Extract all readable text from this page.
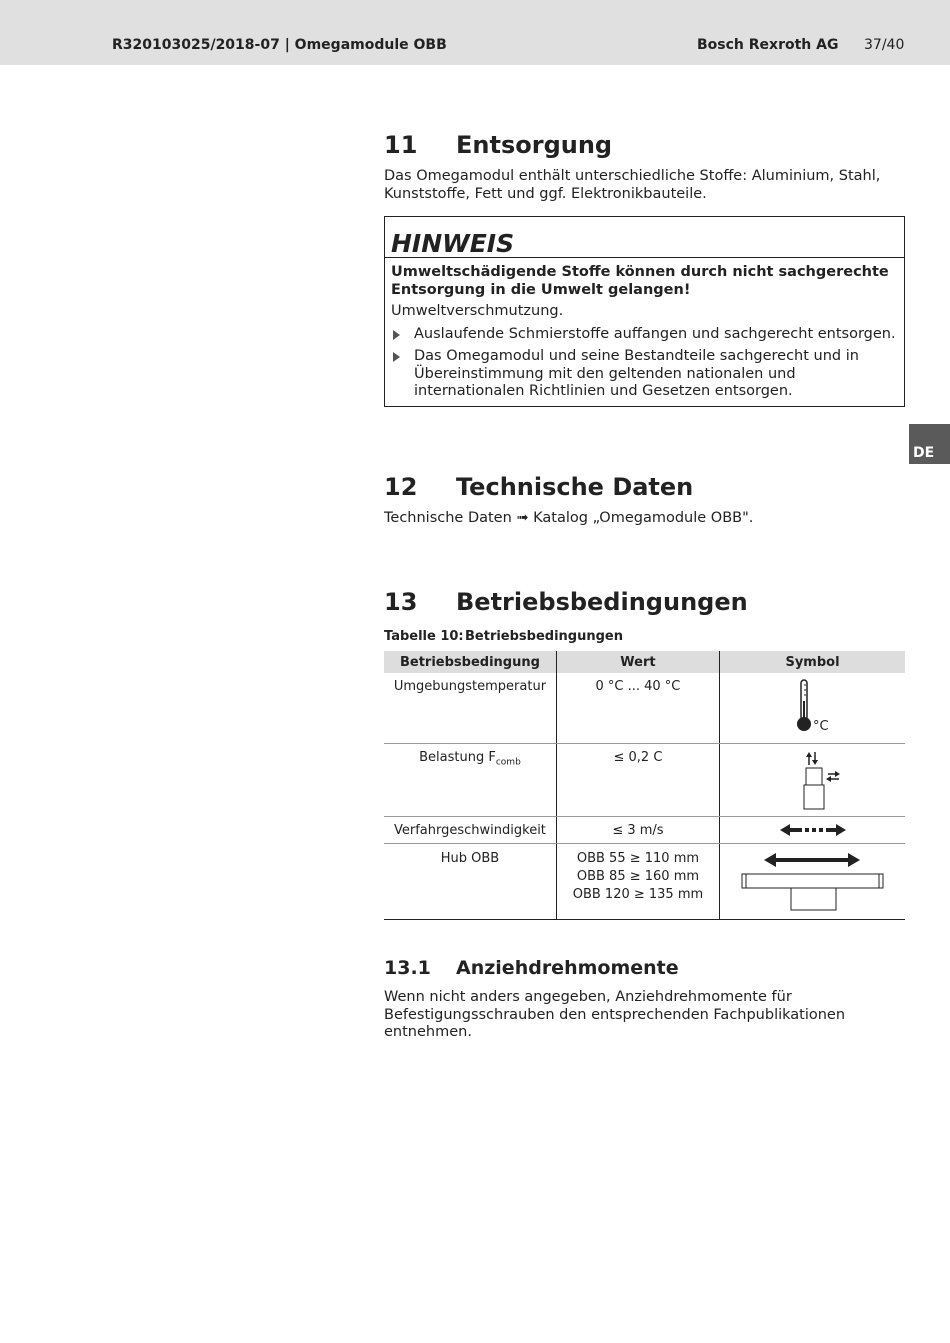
R320103025/2018-07 | Omegamodule OBB	Bosch Rexroth AG 37/40
DE
11 Entsorgung
Das Omegamodul enthält unterschiedliche Stoffe: Aluminium, Stahl, Kunststoffe, Fett und ggf. Elektronikbauteile.
HINWEIS
Umweltschädigende Stoffe können durch nicht sachgerechte Entsorgung in die Umwelt gelangen!
Umweltverschmutzung.
Auslaufende Schmierstoffe auffangen und sachgerecht entsorgen.
Das Omegamodul und seine Bestandteile sachgerecht und in Übereinstimmung mit den geltenden nationalen und internationalen Richtlinien und Gesetzen entsorgen.
12 Technische Daten
Technische Daten ➟ Katalog „Omegamodule OBB".
13 Betriebsbedingungen
Tabelle 10: Betriebsbedingungen
Betriebsbedingung	Wert	Symbol
Umgebungstemperatur	0 °C ... 40 °C	°C

Belastung $F_{comb}$	≤ 0,2 C	

Verfahrgeschwindigkeit	≤ 3 m/s	

Hub OBB	OBB 55 ≥ 110 mm
OBB 85 ≥ 160 mm
OBB 120 ≥ 135 mm

13.1 Anziehdrehmomente
Wenn nicht anders angegeben, Anziehdrehmomente für Befestigungsschrauben den entsprechenden Fachpublikationen entnehmen.
